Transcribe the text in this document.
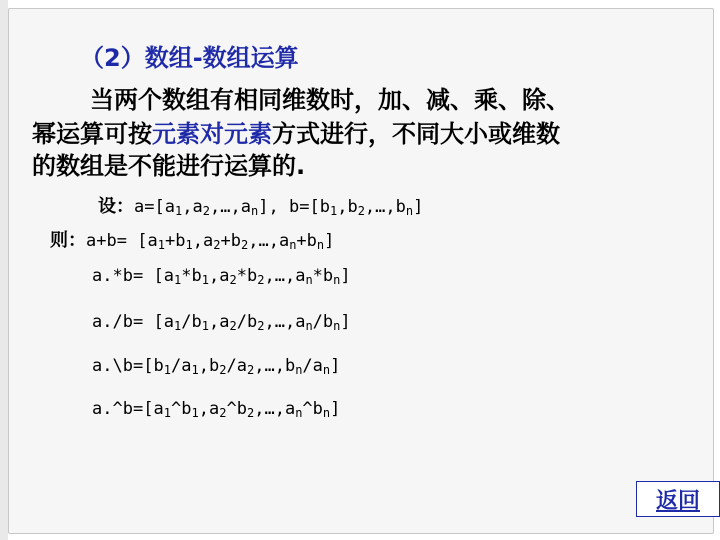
（2）数组-数组运算
当两个数组有相同维数时，加、减、乘、除、
幂运算可按元素对元素方式进行，不同大小或维数
的数组是不能进行运算的.
设：$a=[a_1,a_2,\dots,a_n]$, $b=[b_1,b_2,\dots,b_n]$
则：$a+b= [a_1+b_1,a_2+b_2,\dots,a_n+b_n]$
$a.*b= [a_1*b_1,a_2*b_2,\dots,a_n*b_n]$
$a./b= [a_1/b_1,a_2/b_2,\dots,a_n/b_n]$
$a.\backslash b=[b_1/a_1,b_2/a_2,\dots,b_n/a_n]$
$a.\^{}b=[a_1\^{}b_1,a_2\^{}b_2,\dots,a_n\^{}b_n]$
返回
